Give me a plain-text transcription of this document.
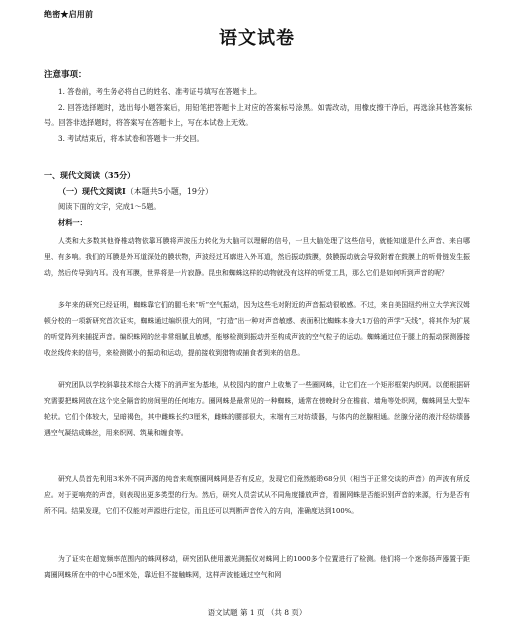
绝密★启用前
语文试卷
注意事项：
1. 答卷前，考生务必将自己的姓名、准考证号填写在答题卡上。
2. 回答选择题时，选出每小题答案后，用铅笔把答题卡上对应的答案标号涂黑。如需改动，用橡皮擦干净后，再选涂其他答案标号。回答非选择题时，将答案写在答题卡上，写在本试卷上无效。
3. 考试结束后，将本试卷和答题卡一并交回。
一、现代文阅读（35分）
（一）现代文阅读Ⅰ（本题共5小题，19分）
阅读下面的文字，完成1～5题。
材料一：
人类和大多数其他脊椎动物依靠耳膜将声波压力转化为大脑可以理解的信号，一旦大脑处理了这些信号，就能知道是什么声音、来自哪里、有多响。我们的耳膜是外耳道深处的膜状物，声波经过耳廓进入外耳道，然后振动鼓膜，鼓膜振动就会导致附着在鼓膜上的听骨链发生振动，然后传导到内耳。没有耳膜，世界将是一片寂静。昆虫和蜘蛛这样的动物就没有这样的听觉工具，那么它们是如何听到声音的呢？
多年来的研究已经证明，蜘蛛靠它们的腿毛来“听”空气振动，因为这些毛对附近的声音振动很敏感。不过，来自美国纽约州立大学宾汉姆顿分校的一项新研究首次证实，蜘蛛通过编织很大的网，“打造”出一种对声音敏感、表面积比蜘蛛本身大1万倍的声学“天线”，将其作为扩展的听觉阵列来捕捉声音。编织蛛网的丝非常细腻且敏感，能够检测到振动并至构成声波的空气粒子的运动。蜘蛛通过位于腿上的振动探测器接收丝线传来的信号，来检测微小的振动和运动，提前接收到猎物或捕食者到来的信息。
研究团队以学校斜靠技术综合大楼下的消声室为基地，从校园内的窗户上收集了一些圈网蛛，让它们在一个矩形框架内织网。以便根据研究需要把蛛网放在这个完全隔音的房间里的任何地方。圈网蛛是最常见的一种蜘蛛，通常在傍晚时分在檐前、墙角等处织网，蜘蛛网呈大型车轮状。它们个体较大，呈暗褐色，其中雌蛛长约3厘米，雌蛛的腰部很大，末端有三对纺绩器，与体内的丝腺相通。丝腺分泌的液汁经纺绩器遇空气凝结成蛛丝，用来织网、筑巢和缠食等。
研究人员首先利用3米外不同声源的纯音来观察圈网蛛网是否有反应，发现它们竟然能聆68分贝（相当于正常交谈的声音）的声波有所反应。对于更响亮的声音，则表现出更多类型的行为。然后，研究人员尝试从不同角度播放声音，看圈网蛛是否能识别声音的来源，行为是否有所不同。结果发现，它们不仅能对声源进行定位，而且还可以判断声音传入的方向，准确度达到100%。
为了证实在超宽频率范围内的蛛网移动，研究团队使用激光测振仪对蛛网上的1000多个位置进行了检测。他们将一个迷你扬声器置于距离圈网蛛所在中的中心5厘米处，靠近但不接触蛛网，这样声波能通过空气和网
语文试题 第 1 页 （共 8 页）
